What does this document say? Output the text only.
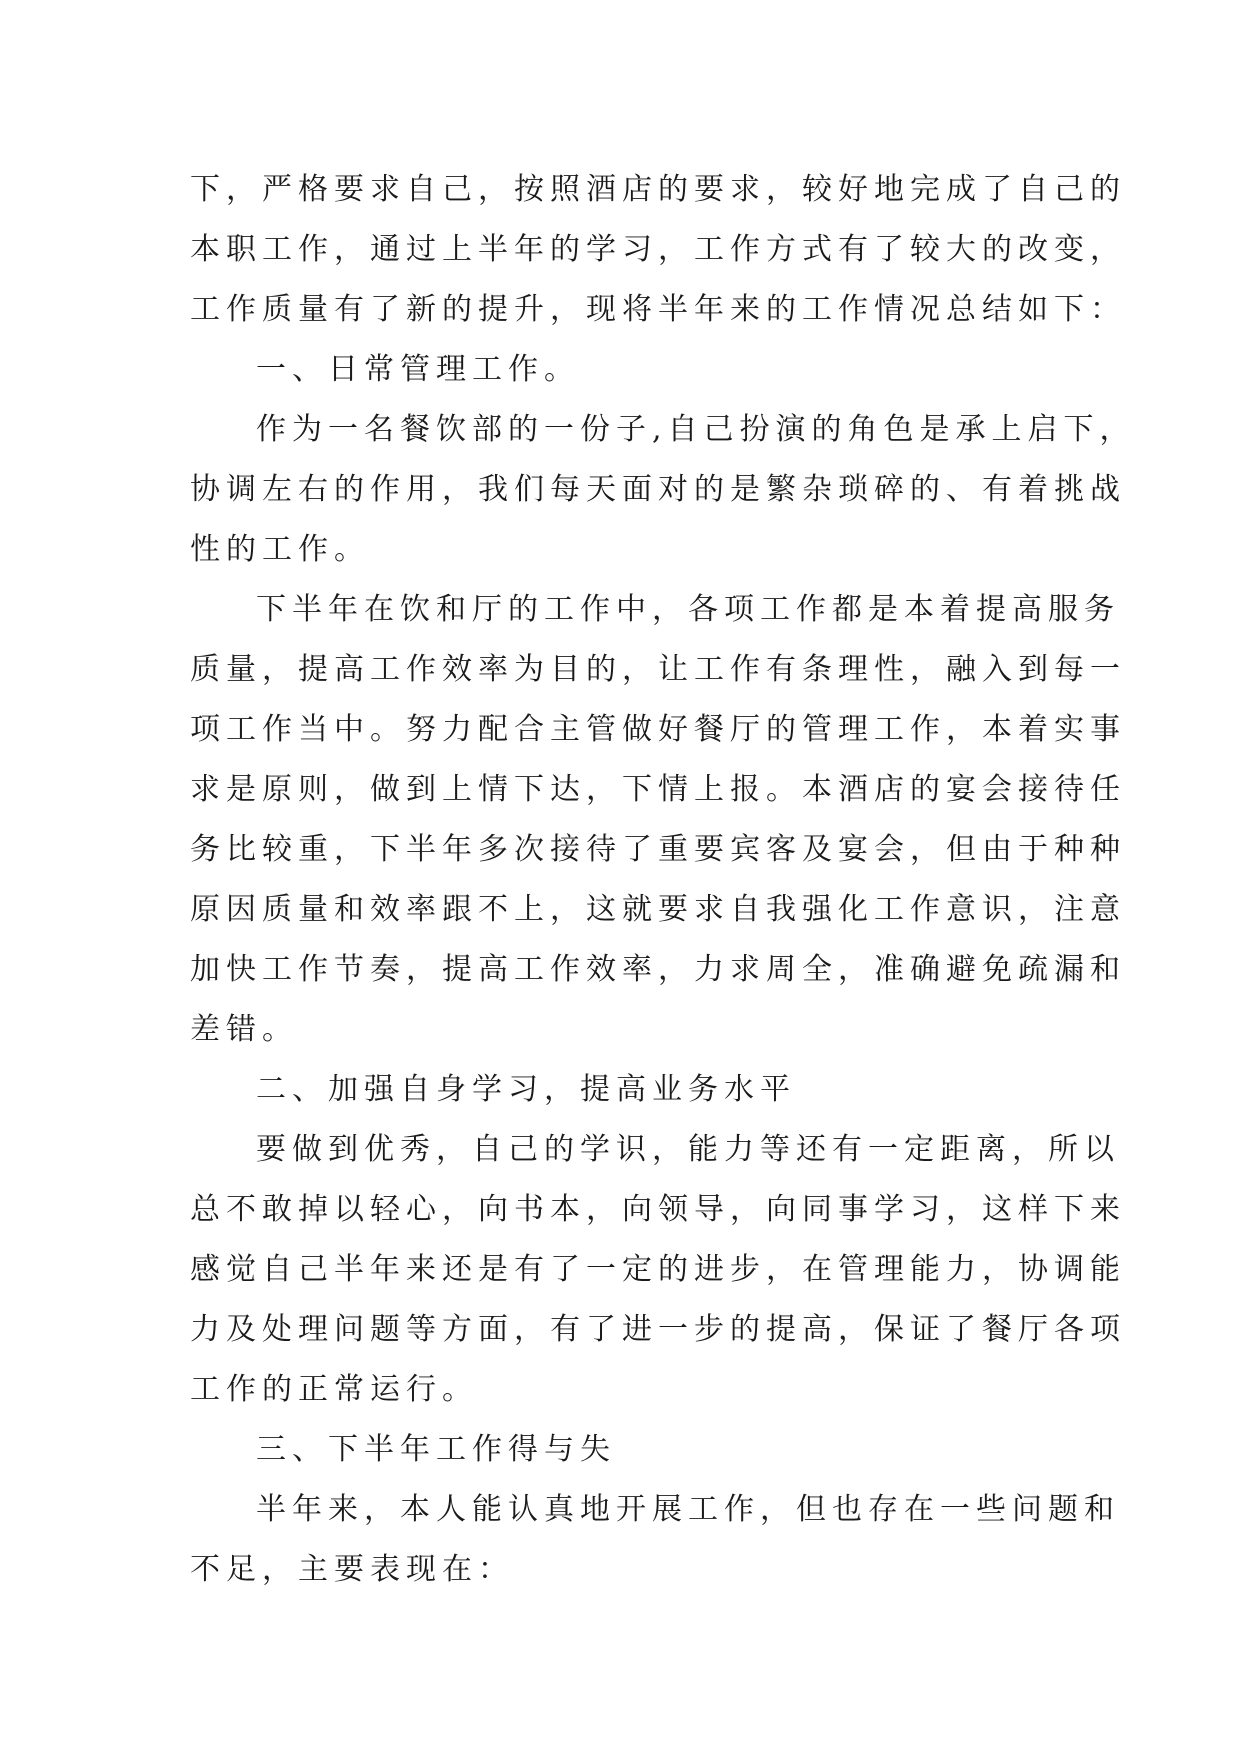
下，严格要求自己，按照酒店的要求，较好地完成了自己的
本职工作，通过上半年的学习，工作方式有了较大的改变，
工作质量有了新的提升，现将半年来的工作情况总结如下：
一、日常管理工作。
作为一名餐饮部的一份子,自己扮演的角色是承上启下，
协调左右的作用，我们每天面对的是繁杂琐碎的、有着挑战
性的工作。
下半年在饮和厅的工作中，各项工作都是本着提高服务
质量，提高工作效率为目的，让工作有条理性，融入到每一
项工作当中。努力配合主管做好餐厅的管理工作，本着实事
求是原则，做到上情下达，下情上报。本酒店的宴会接待任
务比较重，下半年多次接待了重要宾客及宴会，但由于种种
原因质量和效率跟不上，这就要求自我强化工作意识，注意
加快工作节奏，提高工作效率，力求周全，准确避免疏漏和
差错。
二、加强自身学习，提高业务水平
要做到优秀，自己的学识，能力等还有一定距离，所以
总不敢掉以轻心，向书本，向领导，向同事学习，这样下来
感觉自己半年来还是有了一定的进步，在管理能力，协调能
力及处理问题等方面，有了进一步的提高，保证了餐厅各项
工作的正常运行。
三、下半年工作得与失
半年来，本人能认真地开展工作，但也存在一些问题和
不足，主要表现在：
